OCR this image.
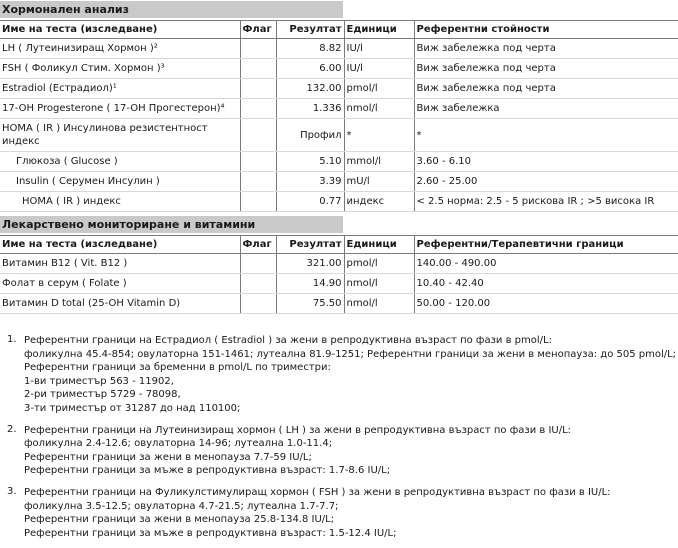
Хормонален анализ
Име на теста (изследване)	Флаг	Резултат	Единици	Референтни стойности
LH ( Лутеинизиращ Хормон )²		8.82	IU/l	Виж забележка под черта
FSH ( Фоликул Стим. Хормон )³		6.00	IU/l	Виж забележка под черта
Estradiol (Естрадиол)¹		132.00	pmol/l	Виж забележка под черта
17-OH Progesterone ( 17-OH Прогестерон)⁴		1.336	nmol/l	Виж забележка
HOMA ( IR ) Инсулинова резистентност индекс		Профил	*	*
Глюкоза ( Glucose )		5.10	mmol/l	3.60 - 6.10
Insulin ( Серумен Инсулин )		3.39	mU/l	2.60 - 25.00
HOMA ( IR ) индекс		0.77	индекс	< 2.5 норма: 2.5 - 5 рискова IR ; >5 висока IR
Лекарствено мониториране и витамини
Име на теста (изследване)	Флаг	Резултат	Единици	Референтни/Терапевтични граници
Витамин B12 ( Vit. B12 )		321.00	pmol/l	140.00 - 490.00
Фолат в серум ( Folate )		14.90	nmol/l	10.40 - 42.40
Витамин D total (25-OH Vitamin D)		75.50	nmol/l	50.00 - 120.00
1. Референтни граници на Естрадиол ( Estradiol ) за жени в репродуктивна възраст по фази в pmol/L:
фоликулна 45.4-854; овулаторна 151-1461; лутеална 81.9-1251; Референтни граници за жени в менопауза: до 505 pmol/L;
Референтни граници за бременни в pmol/L по триместри:
1-ви триместър 563 - 11902,
2-ри триместър 5729 - 78098,
3-ти триместър от 31287 до над 110100;
2. Референтни граници на Лутеинизиращ хормон ( LH ) за жени в репродуктивна възраст по фази в IU/L:
фоликулна 2.4-12.6; овулаторна 14-96; лутеална 1.0-11.4;
Референтни граници за жени в менопауза 7.7-59 IU/L;
Референтни граници за мъже в репродуктивна възраст: 1.7-8.6 IU/L;
3. Референтни граници на Фуликулстимулиращ хормон ( FSH ) за жени в репродуктивна възраст по фази в IU/L:
фоликулна 3.5-12.5; овулаторна 4.7-21.5; лутеална 1.7-7.7;
Референтни граници за жени в менопауза 25.8-134.8 IU/L;
Референтни граници за мъже в репродуктивна възраст: 1.5-12.4 IU/L;
